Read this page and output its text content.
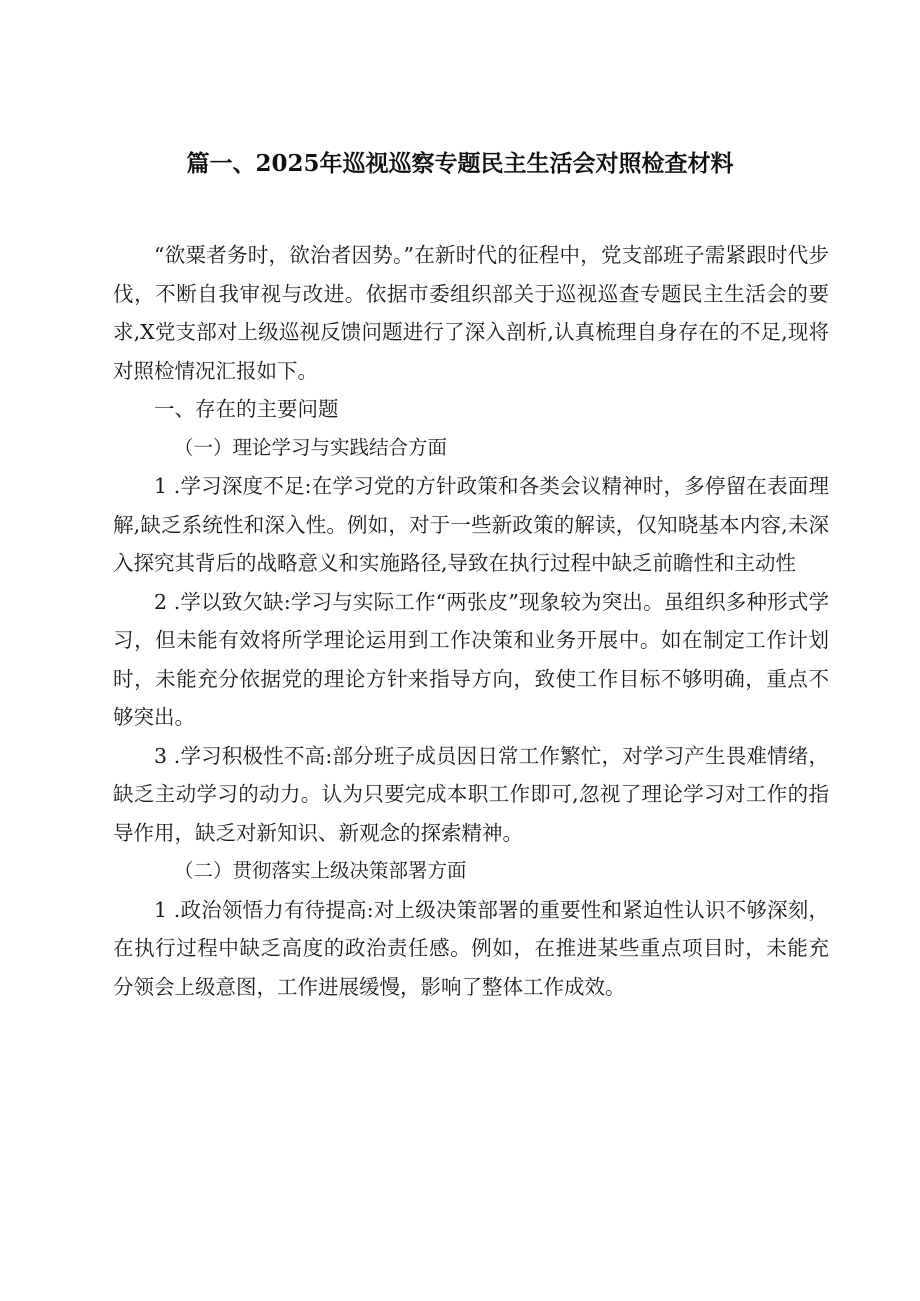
篇一、2025年巡视巡察专题民主生活会对照检查材料

“欲粟者务时，欲治者因势。”在新时代的征程中，党支部班子需紧跟时代步伐，不断自我审视与改进。依据市委组织部关于巡视巡查专题民主生活会的要求,X党支部对上级巡视反馈问题进行了深入剖析,认真梳理自身存在的不足,现将对照检情况汇报如下。

一、存在的主要问题

（一）理论学习与实践结合方面

1 .学习深度不足:在学习党的方针政策和各类会议精神时，多停留在表面理解,缺乏系统性和深入性。例如，对于一些新政策的解读，仅知晓基本内容,未深入探究其背后的战略意义和实施路径,导致在执行过程中缺乏前瞻性和主动性

2 .学以致欠缺:学习与实际工作“两张皮”现象较为突出。虽组织多种形式学习，但未能有效将所学理论运用到工作决策和业务开展中。如在制定工作计划时，未能充分依据党的理论方针来指导方向，致使工作目标不够明确，重点不够突出。

3 .学习积极性不高:部分班子成员因日常工作繁忙，对学习产生畏难情绪，缺乏主动学习的动力。认为只要完成本职工作即可,忽视了理论学习对工作的指导作用，缺乏对新知识、新观念的探索精神。

（二）贯彻落实上级决策部署方面

1 .政治领悟力有待提高:对上级决策部署的重要性和紧迫性认识不够深刻，在执行过程中缺乏高度的政治责任感。例如，在推进某些重点项目时，未能充分领会上级意图，工作进展缓慢，影响了整体工作成效。
